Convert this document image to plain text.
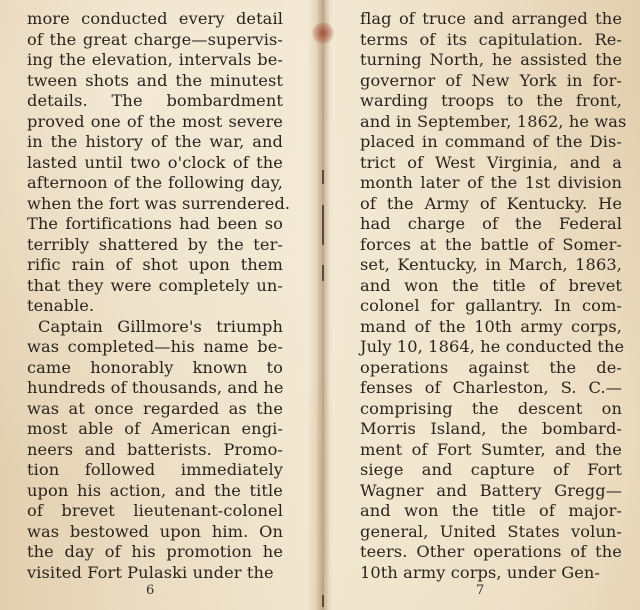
more conducted every detail
of the great charge—supervis-
ing the elevation, intervals be-
tween shots and the minutest
details. The bombardment
proved one of the most severe
in the history of the war, and
lasted until two o'clock of the
afternoon of the following day,
when the fort was surrendered.
The fortifications had been so
terribly shattered by the ter-
rific rain of shot upon them
that they were completely un-
tenable.
Captain Gillmore's triumph
was completed—his name be-
came honorably known to
hundreds of thousands, and he
was at once regarded as the
most able of American engi-
neers and batterists. Promo-
tion followed immediately
upon his action, and the title
of brevet lieutenant-colonel
was bestowed upon him. On
the day of his promotion he
visited Fort Pulaski under the
6
flag of truce and arranged the
terms of its capitulation. Re-
turning North, he assisted the
governor of New York in for-
warding troops to the front,
and in September, 1862, he was
placed in command of the Dis-
trict of West Virginia, and a
month later of the 1st division
of the Army of Kentucky. He
had charge of the Federal
forces at the battle of Somer-
set, Kentucky, in March, 1863,
and won the title of brevet
colonel for gallantry. In com-
mand of the 10th army corps,
July 10, 1864, he conducted the
operations against the de-
fenses of Charleston, S. C.—
comprising the descent on
Morris Island, the bombard-
ment of Fort Sumter, and the
siege and capture of Fort
Wagner and Battery Gregg—
and won the title of major-
general, United States volun-
teers. Other operations of the
10th army corps, under Gen-
7
